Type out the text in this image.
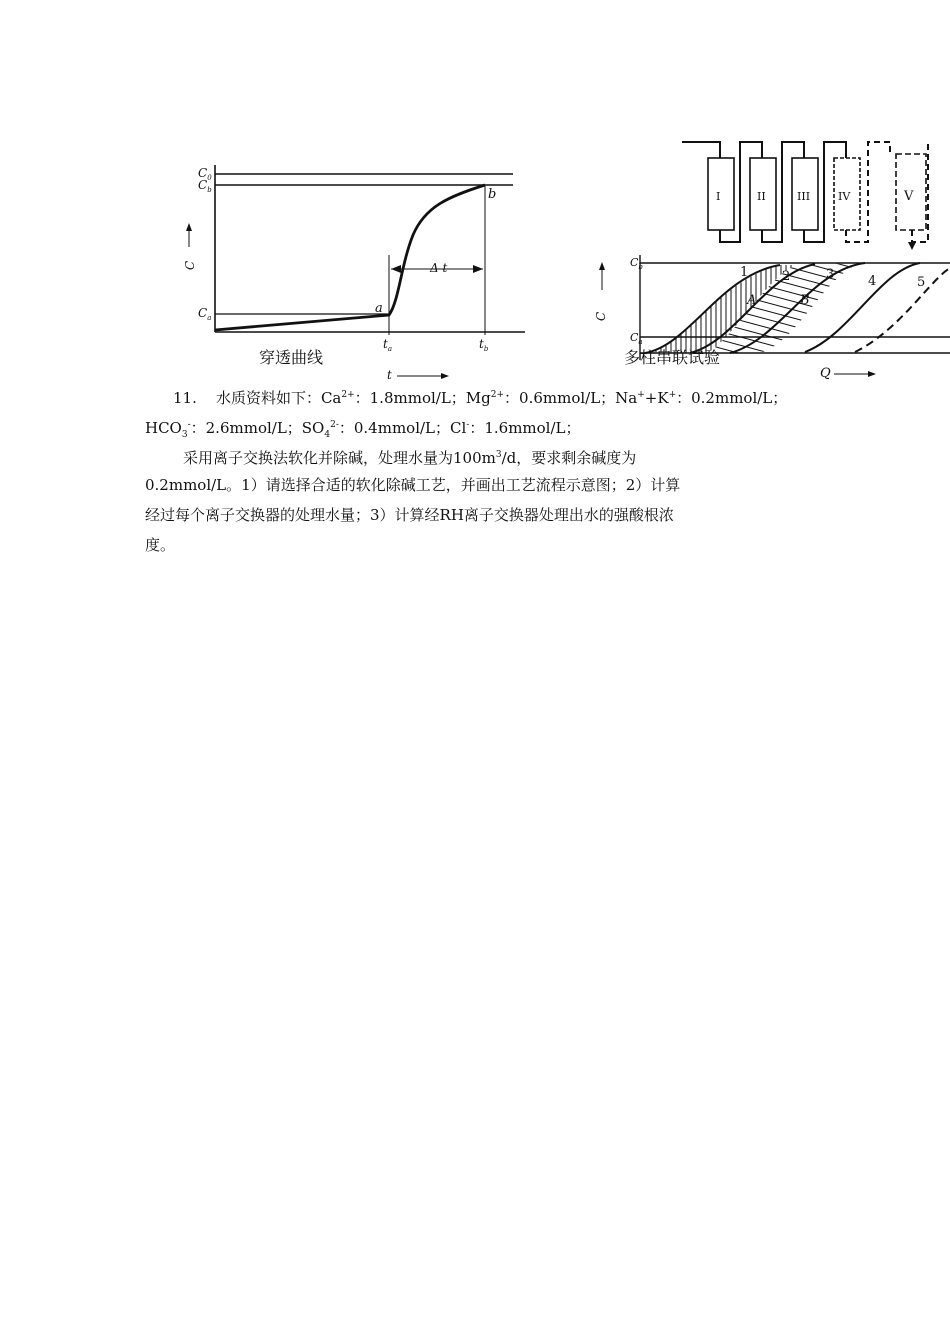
Δ t
$C_0$
$C_b$
$C_a$
C
a
b
$t_a$	$t_b$
t
穿透曲线
I	II	III	IV	V
1	2	3	4	5
A	B
$C_b$
$C_a$
C
Q
多柱串联试验
11. 水质资料如下：$Ca^{2+}$：1.8mmol/L；$Mg^{2+}$：0.6mmol/L；Na++K+：0.2mmol/L；
$HCO_3^-$：2.6mmol/L；$SO_4^{2-}$：0.4mmol/L；Cl-：1.6mmol/L；
采用离子交换法软化并除碱，处理水量为$100m^3/d$，要求剩余碱度为
0.2mmol/L。1）请选择合适的软化除碱工艺，并画出工艺流程示意图；2）计算
经过每个离子交换器的处理水量；3）计算经RH离子交换器处理出水的强酸根浓
度。
